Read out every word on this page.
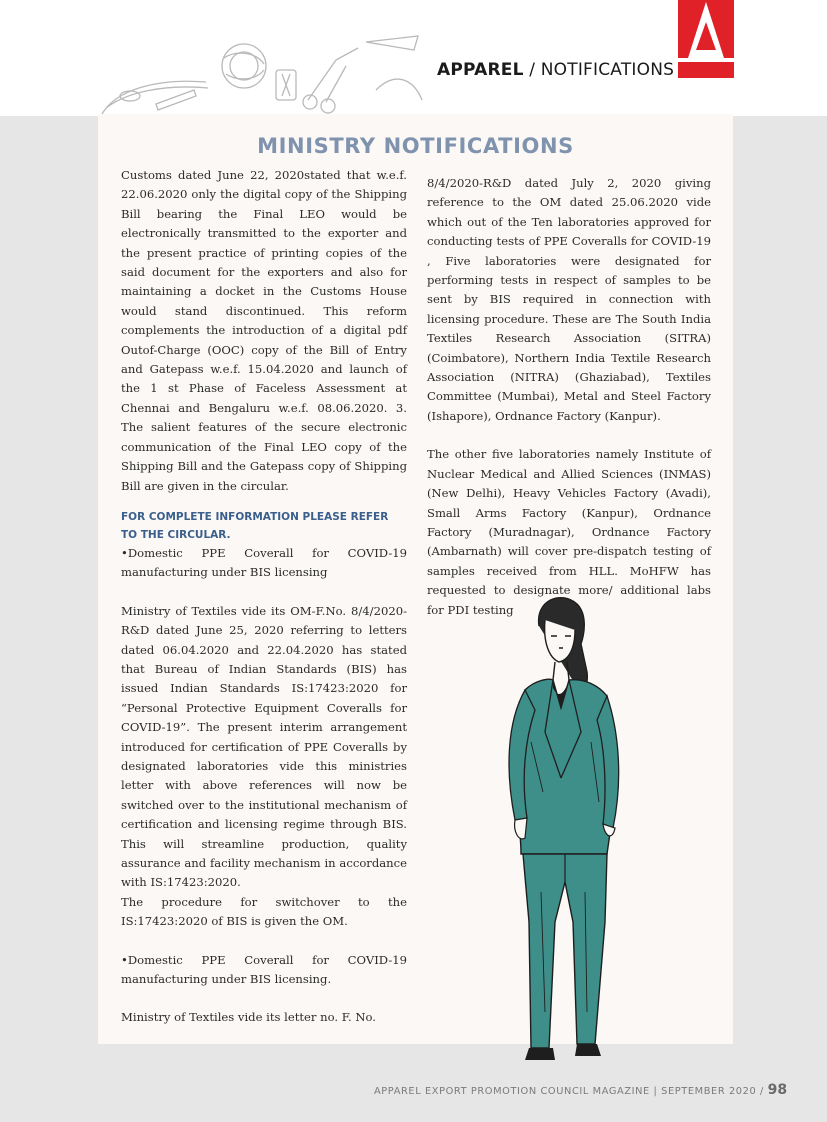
APPAREL / NOTIFICATIONS
MINISTRY NOTIFICATIONS

Customs dated June 22, 2020stated that w.e.f. 22.06.2020 only the digital copy of the Shipping Bill bearing the Final LEO would be electronically transmitted to the exporter and the present practice of printing copies of the said document for the exporters and also for maintaining a docket in the Customs House would stand discontinued. This reform complements the introduction of a digital pdf Outof-Charge (OOC) copy of the Bill of Entry and Gatepass w.e.f. 15.04.2020 and launch of the 1 st Phase of Faceless Assessment at Chennai and Bengaluru w.e.f. 08.06.2020. 3. The salient features of the secure electronic communication of the Final LEO copy of the Shipping Bill and the Gatepass copy of Shipping Bill are given in the circular.

FOR COMPLETE INFORMATION PLEASE REFER TO THE CIRCULAR.

•Domestic PPE Coverall for COVID-19 manufacturing under BIS licensing

Ministry of Textiles vide its OM-F.No. 8/4/2020-R&D dated June 25, 2020 referring to letters dated 06.04.2020 and 22.04.2020 has stated that Bureau of Indian Standards (BIS) has issued Indian Standards IS:17423:2020 for “Personal Protective Equipment Coveralls for COVID-19”. The present interim arrangement introduced for certification of PPE Coveralls by designated laboratories vide this ministries letter with above references will now be switched over to the institutional mechanism of certification and licensing regime through BIS. This will streamline production, quality assurance and facility mechanism in accordance with IS:17423:2020.

The procedure for switchover to the IS:17423:2020 of BIS is given the OM.

•Domestic PPE Coverall for COVID-19 manufacturing under BIS licensing.

Ministry of Textiles vide its letter no. F. No.

8/4/2020-R&D dated July 2, 2020 giving reference to the OM dated 25.06.2020 vide which out of the Ten laboratories approved for conducting tests of PPE Coveralls for COVID-19 , Five laboratories were designated for performing tests in respect of samples to be sent by BIS required in connection with licensing procedure. These are The South India Textiles Research Association (SITRA) (Coimbatore), Northern India Textile Research Association (NITRA) (Ghaziabad), Textiles Committee (Mumbai), Metal and Steel Factory (Ishapore), Ordnance Factory (Kanpur).

The other five laboratories namely Institute of Nuclear Medical and Allied Sciences (INMAS) (New Delhi), Heavy Vehicles Factory (Avadi), Small Arms Factory (Kanpur), Ordnance Factory (Muradnagar), Ordnance Factory (Ambarnath) will cover pre-dispatch testing of samples received from HLL. MoHFW has requested to designate more/ additional labs for PDI testing

APPAREL EXPORT PROMOTION COUNCIL MAGAZINE | SEPTEMBER 2020 / 98
